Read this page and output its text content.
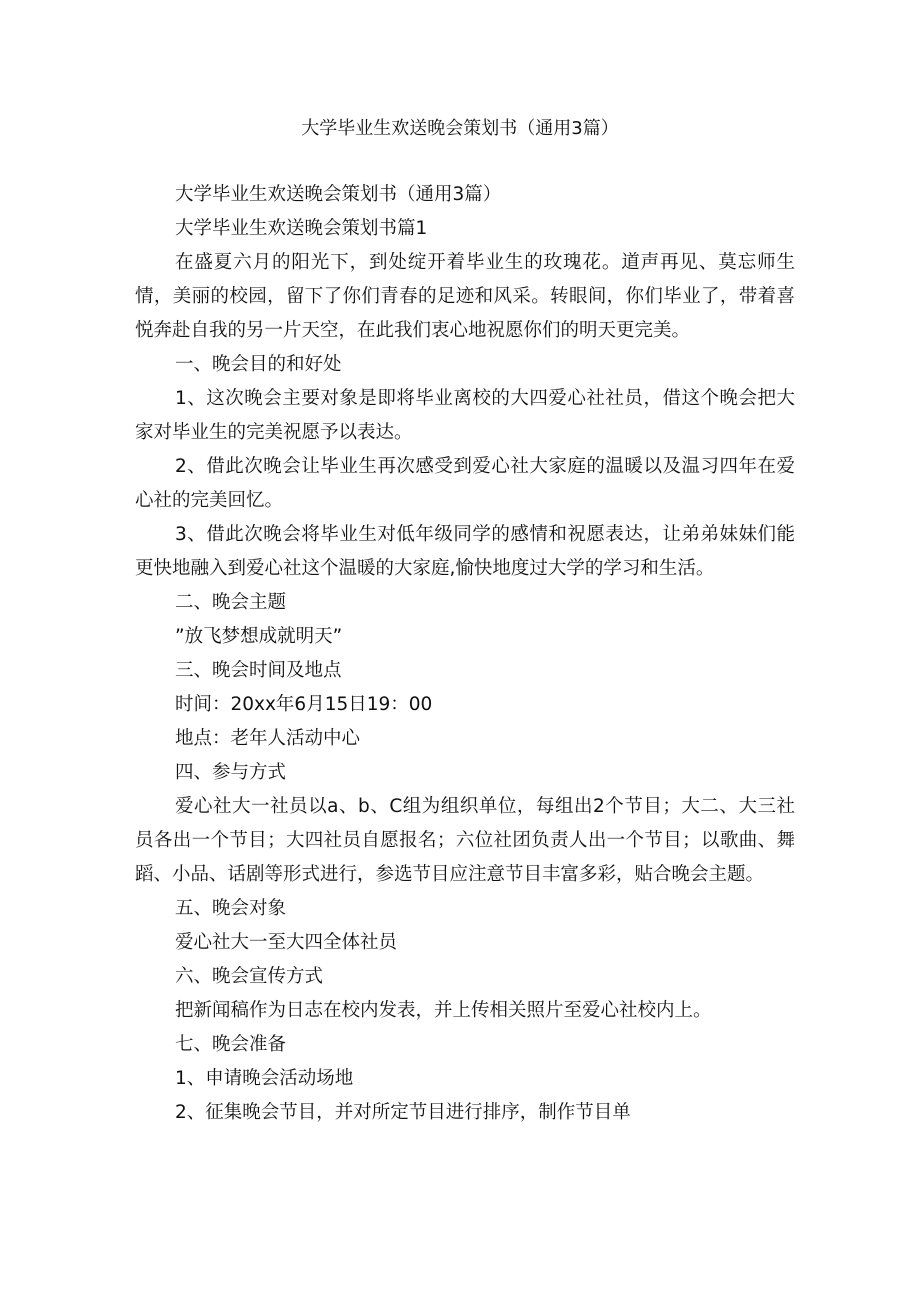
大学毕业生欢送晚会策划书（通用3篇）

大学毕业生欢送晚会策划书（通用3篇）

大学毕业生欢送晚会策划书篇1

在盛夏六月的阳光下，到处绽开着毕业生的玫瑰花。道声再见、莫忘师生情，美丽的校园，留下了你们青春的足迹和风采。转眼间，你们毕业了，带着喜悦奔赴自我的另一片天空，在此我们衷心地祝愿你们的明天更完美。

一、晚会目的和好处

1、这次晚会主要对象是即将毕业离校的大四爱心社社员，借这个晚会把大家对毕业生的完美祝愿予以表达。

2、借此次晚会让毕业生再次感受到爱心社大家庭的温暖以及温习四年在爱心社的完美回忆。

3、借此次晚会将毕业生对低年级同学的感情和祝愿表达，让弟弟妹妹们能更快地融入到爱心社这个温暖的大家庭,愉快地度过大学的学习和生活。

二、晚会主题

”放飞梦想成就明天”

三、晚会时间及地点

时间：20xx年6月15日19：00

地点：老年人活动中心

四、参与方式

爱心社大一社员以a、b、C组为组织单位，每组出2个节目；大二、大三社员各出一个节目；大四社员自愿报名；六位社团负责人出一个节目；以歌曲、舞蹈、小品、话剧等形式进行，参选节目应注意节目丰富多彩，贴合晚会主题。

五、晚会对象

爱心社大一至大四全体社员

六、晚会宣传方式

把新闻稿作为日志在校内发表，并上传相关照片至爱心社校内上。

七、晚会准备

1、申请晚会活动场地

2、征集晚会节目，并对所定节目进行排序，制作节目单
